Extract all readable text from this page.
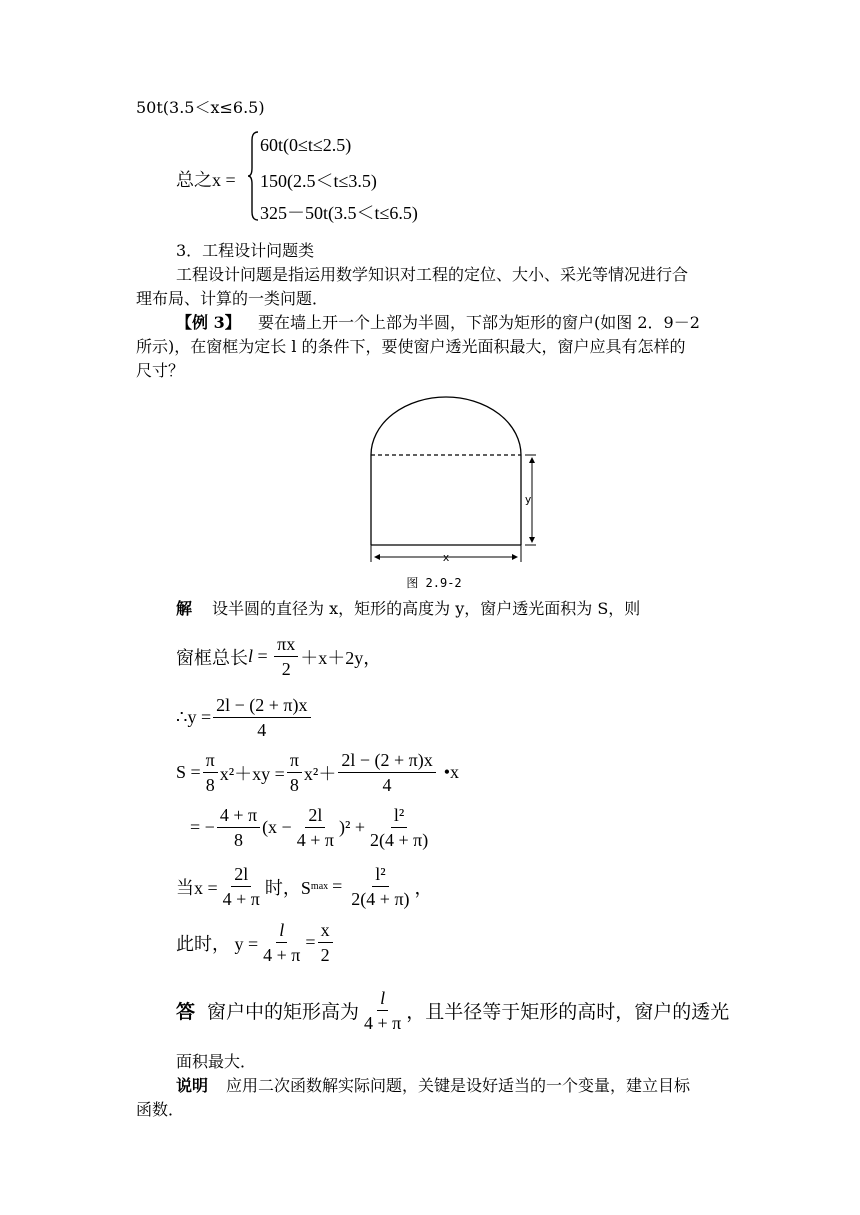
50t(3.5＜x≤6.5)
总之x =
60t(0≤t≤2.5)
150(2.5＜t≤3.5)
325－50t(3.5＜t≤6.5)
3．工程设计问题类
工程设计问题是指运用数学知识对工程的定位、大小、采光等情况进行合
理布局、计算的一类问题．
【例 3】 要在墙上开一个上部为半圆，下部为矩形的窗户(如图 2．9－2
所示)，在窗框为定长 l 的条件下，要使窗户透光面积最大，窗户应具有怎样的
尺寸？
x
y
图 2.9-2
解 设半圆的直径为 x，矩形的高度为 y，窗户透光面积为 S，则
窗框总长 $l = \frac{\pi x}{2} +x+2y$，
∴y = $\frac{2l - (2 + \pi)x}{4}$
$S = \frac{\pi}{8} x^2+xy = \frac{\pi}{8} x^2+ \frac{2l - (2 + \pi)x}{4}$ •x
= − $\frac{4 + \pi}{8} (x - \frac{2l}{4 + \pi} )^2 + \frac{\text{l²}}{2(4 + \pi)}$
当$x = \frac{2l}{4 + \pi}$ 时，S $\max = \frac{\text{l²}}{2(4 + \pi)}$ ，
此时， $y = \frac{l}{4 + \pi} = \frac{x}{2}$
答 窗户中的矩形高为 $\frac{l}{4 + \pi}$ ，且半径等于矩形的高时，窗户的透光
面积最大．
说明 应用二次函数解实际问题，关键是设好适当的一个变量，建立目标
函数．
